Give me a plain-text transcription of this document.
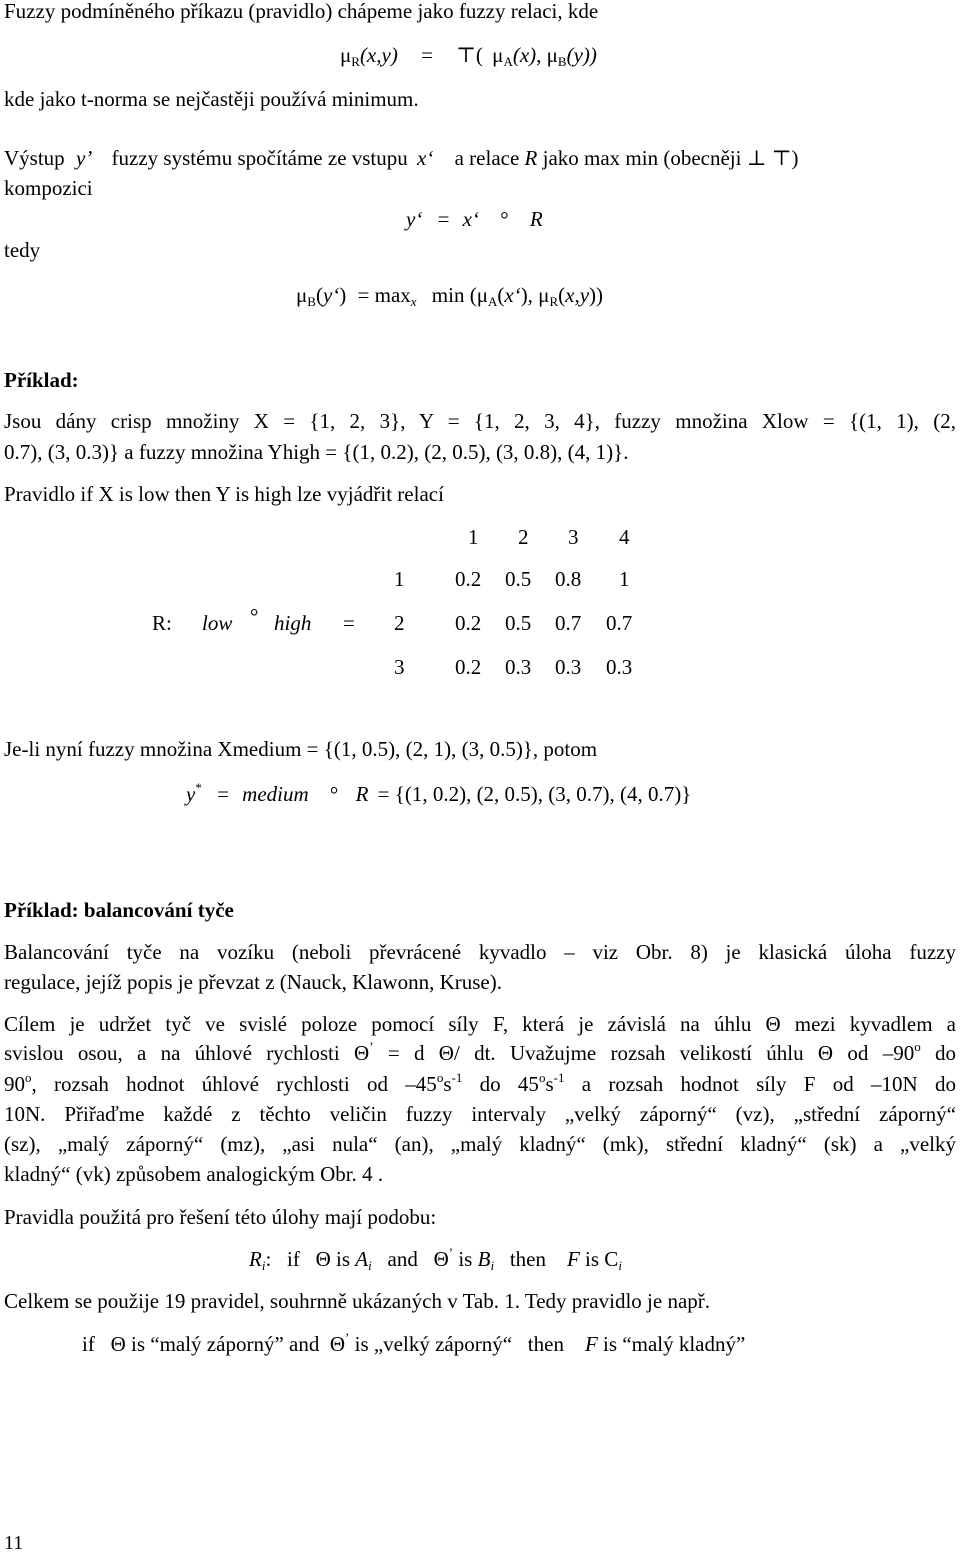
Fuzzy podmíněného příkazu (pravidlo) chápeme jako fuzzy relaci, kde
$\mu_R(x,y)$ = ⊤( $\mu_A(x)$, $\mu_B(y)$)
kde jako t-norma se nejčastěji používá minimum.
Výstup y’ fuzzy systému spočítáme ze vstupu x‘ a relace R jako max min (obecněji ⊥ ⊤)
kompozici
y‘ = x‘ ° R
tedy
$\mu_B(y‘) = \max_x \min$ ($\mu_A(x‘)$, $\mu_R(x,y)$)
Příklad:
Jsou dány crisp množiny X = {1, 2, 3}, Y = {1, 2, 3, 4}, fuzzy množina Xlow = {(1, 1), (2,
0.7), (3, 0.3)} a fuzzy množina Yhigh = {(1, 0.2), (2, 0.5), (3, 0.8), (4, 1)}.
Pravidlo if X is low then Y is high lze vyjádřit relací
1 2 3 4
1 0.2 0.5 0.8 1
R: low ° high = 2 0.2 0.5 0.7 0.7
3 0.2 0.3 0.3 0.3
Je-li nyní fuzzy množina Xmedium = {(1, 0.5), (2, 1), (3, 0.5)}, potom
y* = medium ° R = {(1, 0.2), (2, 0.5), (3, 0.7), (4, 0.7)}
Příklad: balancování tyče
Balancování tyče na vozíku (neboli převrácené kyvadlo – viz Obr. 8) je klasická úloha fuzzy
regulace, jejíž popis je převzat z (Nauck, Klawonn, Kruse).
Cílem je udržet tyč ve svislé poloze pomocí síly F, která je závislá na úhlu Θ mezi kyvadlem a
svislou osou, a na úhlové rychlosti Θ’ = d Θ/ dt. Uvažujme rozsah velikostí úhlu Θ od –90$^o$ do
90$^o$, rozsah hodnot úhlové rychlosti od $-45^os^{-1}$ do $45^os^{-1}$ a rozsah hodnot síly F od –10N do
10N. Přiřaďme každé z těchto veličin fuzzy intervaly „velký záporný“ (vz), „střední záporný“
(sz), „malý záporný“ (mz), „asi nula“ (an), „malý kladný“ (mk), střední kladný“ (sk) a „velký
kladný“ (vk) způsobem analogickým Obr. 4 .
Pravidla použitá pro řešení této úlohy mají podobu:
$R_i$:   if   Θ is $A_i$   and   Θ’ is $B_i$   then    F is $C_i$
Celkem se použije 19 pravidel, souhrnně ukázaných v Tab. 1. Tedy pravidlo je např.
if   Θ is “malý záporný” and  Θ’ is „velký záporný“   then    F is “malý kladný”
11
